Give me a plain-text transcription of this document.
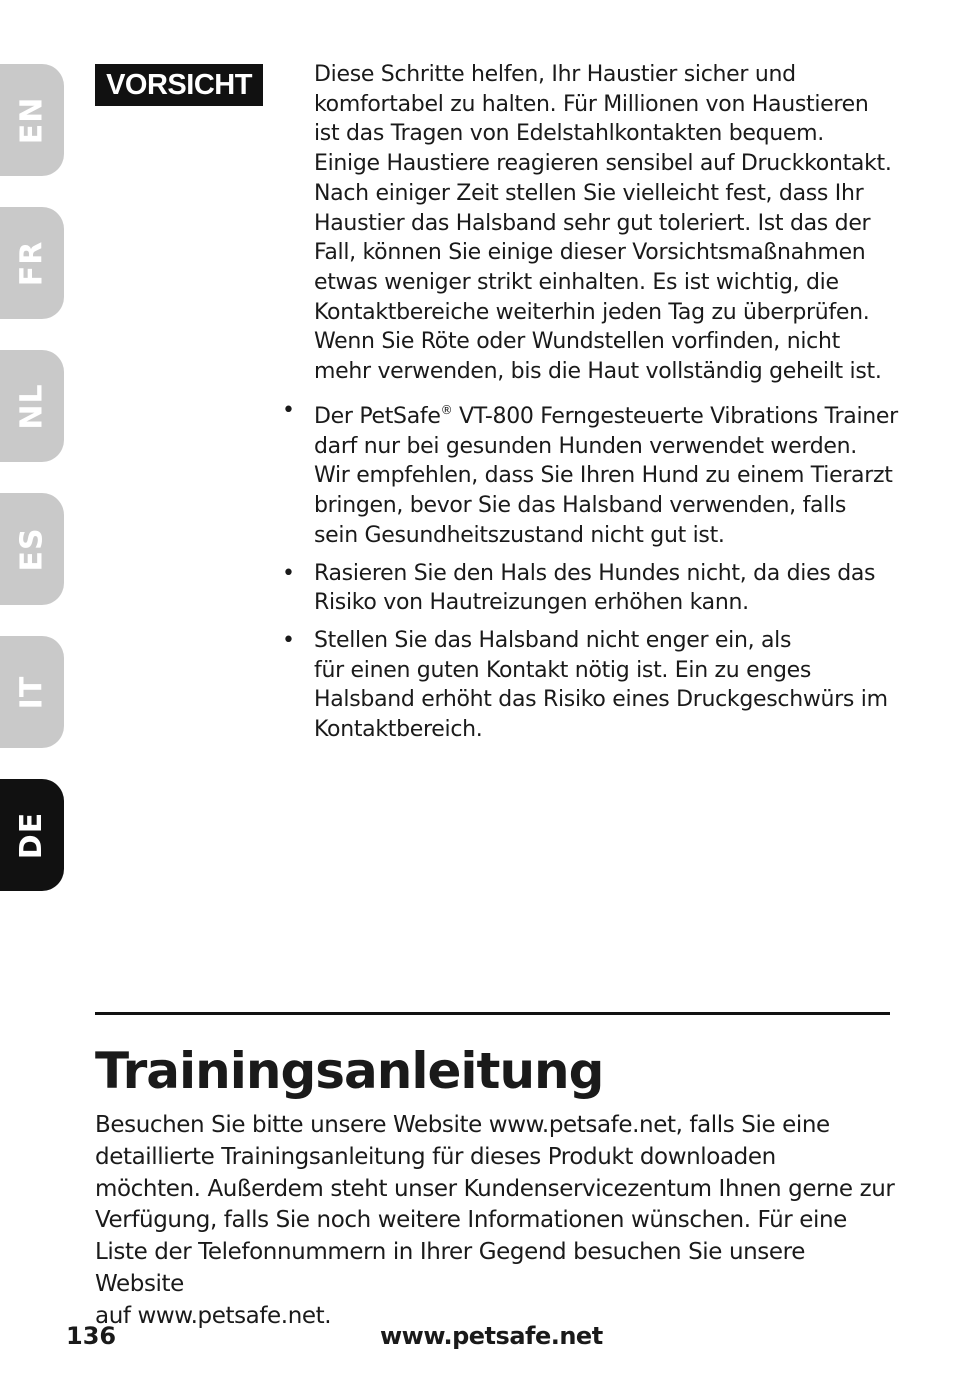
EN
FR
NL
ES
IT
DE
VORSICHT	Diese Schritte helfen, Ihr Haustier sicher und
komfortabel zu halten. Für Millionen von Haustieren
ist das Tragen von Edelstahlkontakten bequem.
Einige Haustiere reagieren sensibel auf Druckkontakt.
Nach einiger Zeit stellen Sie vielleicht fest, dass Ihr
Haustier das Halsband sehr gut toleriert. Ist das der
Fall, können Sie einige dieser Vorsichtsmaßnahmen
etwas weniger strikt einhalten. Es ist wichtig, die
Kontaktbereiche weiterhin jeden Tag zu überprüfen.
Wenn Sie Röte oder Wundstellen vorfinden, nicht
mehr verwenden, bis die Haut vollständig geheilt ist.

• Der PetSafe® VT-800 Ferngesteuerte Vibrations Trainer
darf nur bei gesunden Hunden verwendet werden.
Wir empfehlen, dass Sie Ihren Hund zu einem Tierarzt
bringen, bevor Sie das Halsband verwenden, falls
sein Gesundheitszustand nicht gut ist.
• Rasieren Sie den Hals des Hundes nicht, da dies das
Risiko von Hautreizungen erhöhen kann.
• Stellen Sie das Halsband nicht enger ein, als
für einen guten Kontakt nötig ist. Ein zu enges
Halsband erhöht das Risiko eines Druckgeschwürs im
Kontaktbereich.
Trainingsanleitung

Besuchen Sie bitte unsere Website www.petsafe.net, falls Sie eine
detaillierte Trainingsanleitung für dieses Produkt downloaden
möchten. Außerdem steht unser Kundenservicezentum Ihnen gerne zur
Verfügung, falls Sie noch weitere Informationen wünschen. Für eine
Liste der Telefonnummern in Ihrer Gegend besuchen Sie unsere Website
auf www.petsafe.net.

136	www.petsafe.net
